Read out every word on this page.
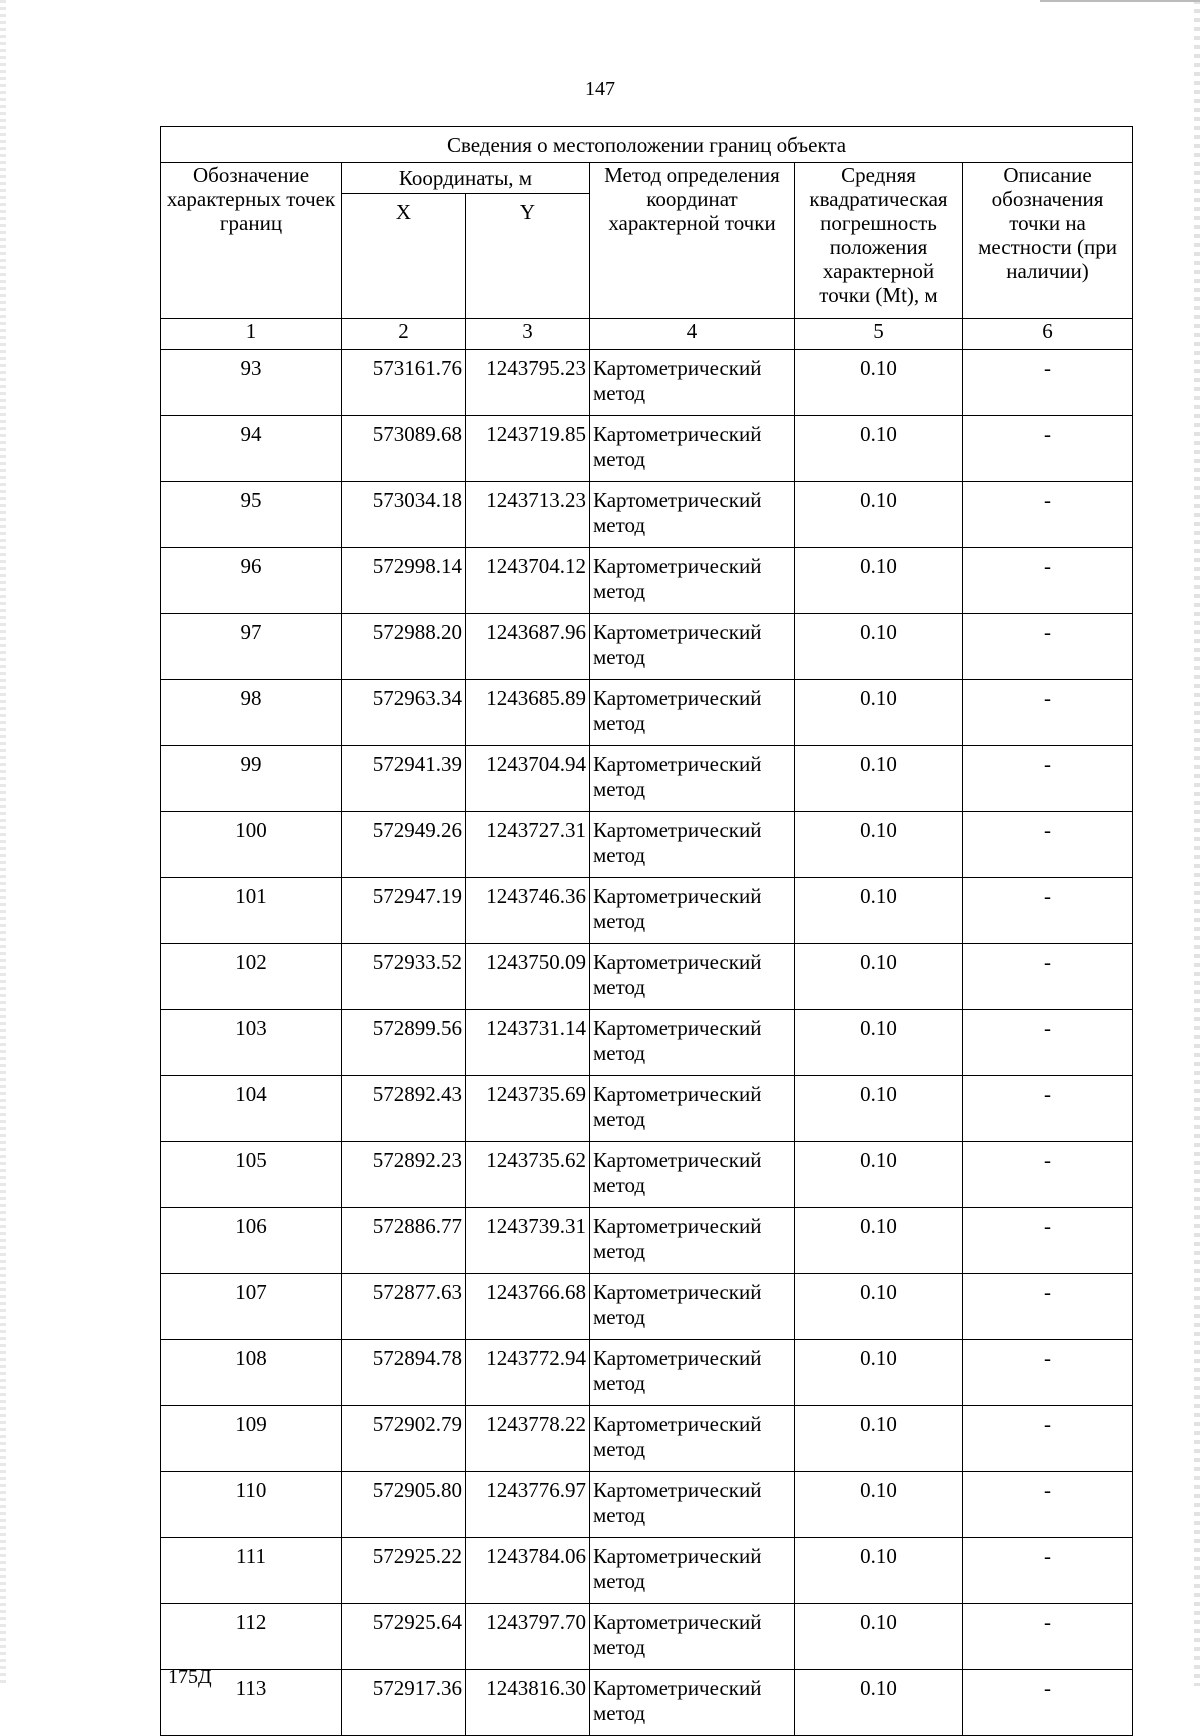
147
Сведения о местоположении границ объекта					
Обозначение характерных точек границ	Координаты, м		Метод определения координат характерной точки	Средняя квадратическая погрешность положения характерной точки (Mt), м	Описание обозначения точки на местности (при наличии)
	X	Y			
1	2	3	4	5	6
93	573161.76	1243795.23	Картометрический метод	0.10	-
94	573089.68	1243719.85	Картометрический метод	0.10	-
95	573034.18	1243713.23	Картометрический метод	0.10	-
96	572998.14	1243704.12	Картометрический метод	0.10	-
97	572988.20	1243687.96	Картометрический метод	0.10	-
98	572963.34	1243685.89	Картометрический метод	0.10	-
99	572941.39	1243704.94	Картометрический метод	0.10	-
100	572949.26	1243727.31	Картометрический метод	0.10	-
101	572947.19	1243746.36	Картометрический метод	0.10	-
102	572933.52	1243750.09	Картометрический метод	0.10	-
103	572899.56	1243731.14	Картометрический метод	0.10	-
104	572892.43	1243735.69	Картометрический метод	0.10	-
105	572892.23	1243735.62	Картометрический метод	0.10	-
106	572886.77	1243739.31	Картометрический метод	0.10	-
107	572877.63	1243766.68	Картометрический метод	0.10	-
108	572894.78	1243772.94	Картометрический метод	0.10	-
109	572902.79	1243778.22	Картометрический метод	0.10	-
110	572905.80	1243776.97	Картометрический метод	0.10	-
111	572925.22	1243784.06	Картометрический метод	0.10	-
112	572925.64	1243797.70	Картометрический метод	0.10	-
113	572917.36	1243816.30	Картометрический метод	0.10	-
175Д
